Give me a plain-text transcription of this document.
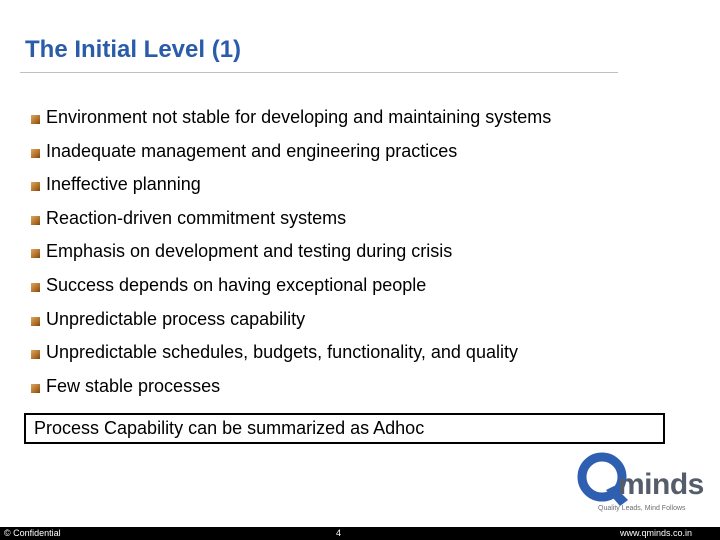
The Initial Level (1)
Environment not stable for developing and maintaining systems
Inadequate management and engineering practices
Ineffective planning
Reaction-driven commitment systems
Emphasis on development and testing during crisis
Success depends on having exceptional people
Unpredictable process capability
Unpredictable schedules, budgets, functionality, and quality
Few stable processes
Process Capability can be summarized as Adhoc
minds
Quality Leads, Mind Follows
© Confidential	4	www.qminds.co.in
